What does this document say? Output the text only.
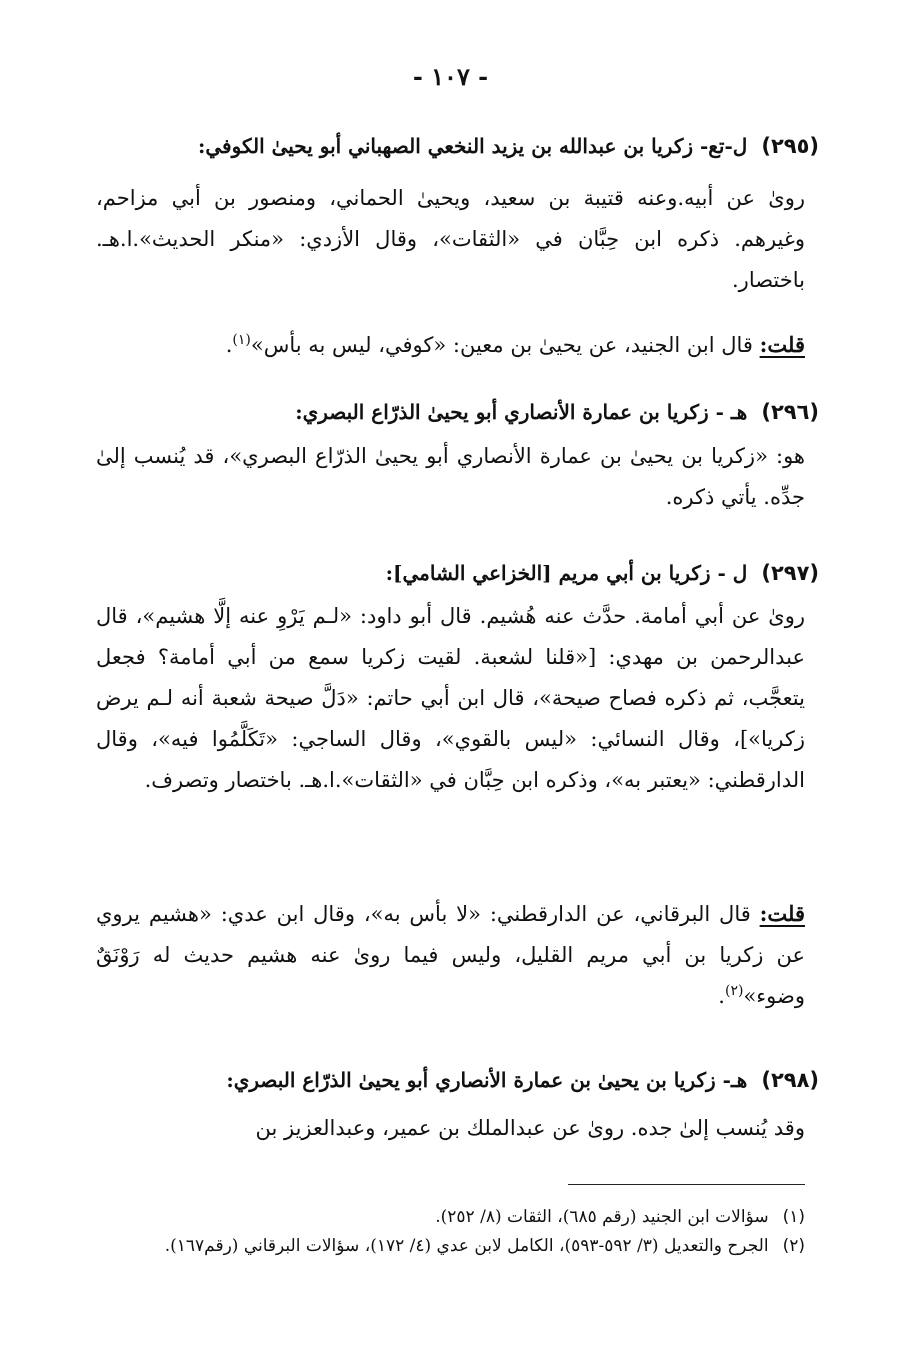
- ١٠٧ -
(٢٩٥)
ل-تع- زكريا بن عبدالله بن يزيد النخعي الصهباني أبو يحيىٰ الكوفي:
روىٰ عن أبيه.وعنه قتيبة بن سعيد، ويحيىٰ الحماني، ومنصور بن أبي مزاحم، وغيرهم. ذكره ابن حِبَّان في «الثقات»، وقال الأزدي: «منكر الحديث».ا.هـ. باختصار.
قلت: قال ابن الجنيد، عن يحيىٰ بن معين: «كوفي، ليس به بأس»$^{(١)}$.
(٢٩٦)
هـ - زكريا بن عمارة الأنصاري أبو يحيىٰ الذرّاع البصري:
هو: «زكريا بن يحيىٰ بن عمارة الأنصاري أبو يحيىٰ الذرّاع البصري»، قد يُنسب إلىٰ جدِّه. يأتي ذكره.
(٢٩٧)
ل - زكريا بن أبي مريم [الخزاعي الشامي]:
روىٰ عن أبي أمامة. حدَّث عنه هُشيم. قال أبو داود: «لـم يَرْوِ عنه إلَّا هشيم»، قال عبدالرحمن بن مهدي: [«قلنا لشعبة. لقيت زكريا سمع من أبي أمامة؟ فجعل يتعجَّب، ثم ذكره فصاح صيحة»، قال ابن أبي حاتم: «دَلَّ صيحة شعبة أنه لـم يرض زكريا»]، وقال النسائي: «ليس بالقوي»، وقال الساجي: «تَكَلَّمُوا فيه»، وقال الدارقطني: «يعتبر به»، وذكره ابن حِبَّان في «الثقات».ا.هـ. باختصار وتصرف.
قلت: قال البرقاني، عن الدارقطني: «لا بأس به»، وقال ابن عدي: «هشيم يروي عن زكريا بن أبي مريم القليل، وليس فيما روىٰ عنه هشيم حديث له رَوْنَقٌ وضوء»$^{(٢)}$.
(٢٩٨)
هـ- زكريا بن يحيىٰ بن عمارة الأنصاري أبو يحيىٰ الذرّاع البصري:
وقد يُنسب إلىٰ جده. روىٰ عن عبدالملك بن عمير، وعبدالعزيز بن
(١)
سؤالات ابن الجنيد (رقم ٦٨٥)، الثقات (٨/ ٢٥٢).
(٢)
الجرح والتعديل (٣/ ٥٩٢-٥٩٣)، الكامل لابن عدي (٤/ ١٧٢)، سؤالات البرقاني (رقم١٦٧).
